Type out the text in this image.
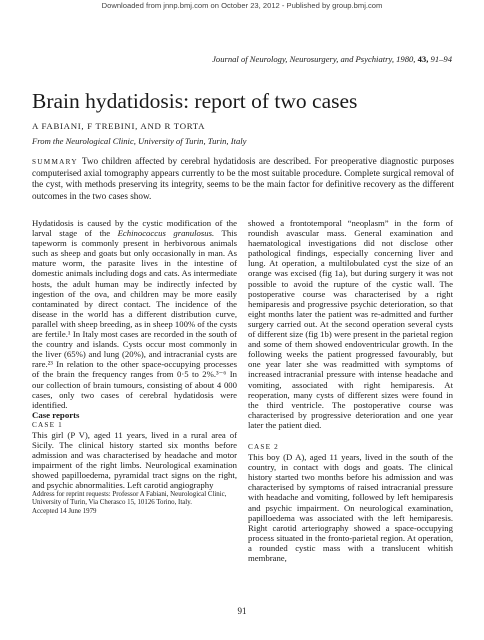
Downloaded from jnnp.bmj.com on October 23, 2012 - Published by group.bmj.com
Journal of Neurology, Neurosurgery, and Psychiatry, 1980, 43, 91–94
Brain hydatidosis: report of two cases
A FABIANI, F TREBINI, AND R TORTA
From the Neurological Clinic, University of Turin, Turin, Italy

SUMMARY Two children affected by cerebral hydatidosis are described. For preoperative diagnostic purposes computerised axial tomography appears currently to be the most suitable procedure. Complete surgical removal of the cyst, with methods preserving its integrity, seems to be the main factor for definitive recovery as the different outcomes in the two cases show.

Hydatidosis is caused by the cystic modification of the larval stage of the Echinococcus granulosus. This tapeworm is commonly present in herbivorous animals such as sheep and goats but only occasionally in man. As mature worm, the parasite lives in the intestine of domestic animals including dogs and cats. As intermediate hosts, the adult human may be indirectly infected by ingestion of the ova, and children may be more easily contaminated by direct contact. The incidence of the disease in the world has a different distribution curve, parallel with sheep breeding, as in sheep 100% of the cysts are fertile.¹ In Italy most cases are recorded in the south of the country and islands. Cysts occur most commonly in the liver (65%) and lung (20%), and intracranial cysts are rare.²³ In relation to the other space-occupying processes of the brain the frequency ranges from 0·5 to 2%.³⁻⁶ In our collection of brain tumours, consisting of about 4 000 cases, only two cases of cerebral hydatidosis were identified.

Case reports

CASE 1

This girl (P V), aged 11 years, lived in a rural area of Sicily. The clinical history started six months before admission and was characterised by headache and motor impairment of the right limbs. Neurological examination showed papilloedema, pyramidal tract signs on the right, and psychic abnormalities. Left carotid angiography

Address for reprint requests: Professor A Fabiani, Neurological Clinic, University of Turin, Via Cherasco 15, 10126 Torino, Italy.

Accepted 14 June 1979

showed a frontotemporal “neoplasm” in the form of roundish avascular mass. General examination and haematological investigations did not disclose other pathological findings, especially concerning liver and lung. At operation, a multilobulated cyst the size of an orange was excised (fig 1a), but during surgery it was not possible to avoid the rupture of the cystic wall. The postoperative course was characterised by a right hemiparesis and progressive psychic deterioration, so that eight months later the patient was re-admitted and further surgery carried out. At the second operation several cysts of different size (fig 1b) were present in the parietal region and some of them showed endoventricular growth. In the following weeks the patient progressed favourably, but one year later she was readmitted with symptoms of increased intracranial pressure with intense headache and vomiting, associated with right hemiparesis. At reoperation, many cysts of different sizes were found in the third ventricle. The postoperative course was characterised by progressive deterioration and one year later the patient died.

CASE 2

This boy (D A), aged 11 years, lived in the south of the country, in contact with dogs and goats. The clinical history started two months before his admission and was characterised by symptoms of raised intracranial pressure with headache and vomiting, followed by left hemiparesis and psychic impairment. On neurological examination, papilloedema was associated with the left hemiparesis. Right carotid arteriography showed a space-occupying process situated in the fronto-parietal region. At operation, a rounded cystic mass with a translucent whitish membrane,

91
